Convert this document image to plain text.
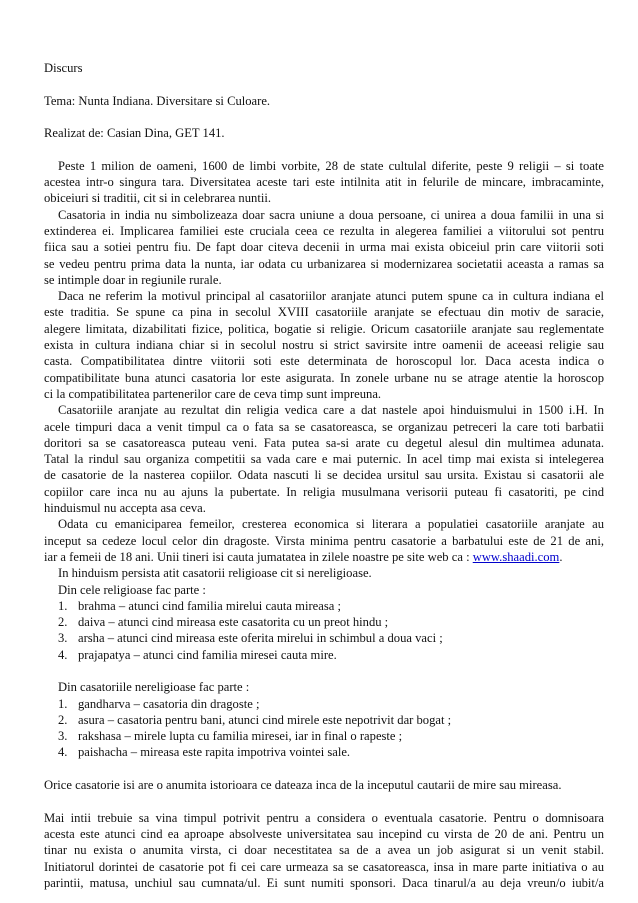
Discurs
Tema: Nunta Indiana. Diversitare si Culoare.
Realizat de: Casian Dina, GET 141.
Peste 1 milion de oameni, 1600 de limbi vorbite, 28 de state cultulal diferite, peste 9 religii – si toate
acestea intr-o singura tara. Diversitatea aceste tari este intilnita atit in felurile de mincare, imbracaminte,
obiceiuri si traditii, cit si in celebrarea nuntii.
Casatoria in india nu simbolizeaza doar sacra uniune a doua persoane, ci unirea a doua familii in una si
extinderea ei. Implicarea familiei este cruciala ceea ce rezulta in alegerea familiei a viitorului sot pentru
fiica sau a sotiei pentru fiu. De fapt doar citeva decenii in urma mai exista obiceiul prin care viitorii soti
se vedeu pentru prima data la nunta, iar odata cu urbanizarea si modernizarea societatii aceasta a ramas sa
se intimple doar in regiunile rurale.
Daca ne referim la motivul principal al casatoriilor aranjate atunci putem spune ca in cultura indiana el
este traditia. Se spune ca pina in secolul XVIII casatoriile aranjate se efectuau din motiv de saracie,
alegere limitata, dizabilitati fizice, politica, bogatie si religie. Oricum casatoriile aranjate sau reglementate
exista in cultura indiana chiar si in secolul nostru si strict savirsite intre oamenii de aceeasi religie sau
casta. Compatibilitatea dintre viitorii soti este determinata de horoscopul lor. Daca acesta indica o
compatibilitate buna atunci casatoria lor este asigurata. In zonele urbane nu se atrage atentie la horoscop
ci la compatibilitatea partenerilor care de ceva timp sunt impreuna.
Casatoriile aranjate au rezultat din religia vedica care a dat nastele apoi hinduismului in 1500 i.H. In
acele timpuri daca a venit timpul ca o fata sa se casatoreasca, se organizau petreceri la care toti barbatii
doritori sa se casatoreasca puteau veni. Fata putea sa-si arate cu degetul alesul din multimea adunata.
Tatal la rindul sau organiza competitii sa vada care e mai puternic. In acel timp mai exista si intelegerea
de casatorie de la nasterea copiilor. Odata nascuti li se decidea ursitul sau ursita. Existau si casatorii ale
copiilor care inca nu au ajuns la pubertate. In religia musulmana verisorii puteau fi casatoriti, pe cind
hinduismul nu accepta asa ceva.
Odata cu emaniciparea femeilor, cresterea economica si literara a populatiei casatoriile aranjate au
inceput sa cedeze locul celor din dragoste. Virsta minima pentru casatorie a barbatului este de 21 de ani,
iar a femeii de 18 ani. Unii tineri isi cauta jumatatea in zilele noastre pe site web ca : www.shaadi.com.
In hinduism persista atit casatorii religioase cit si nereligioase.
Din cele religioase fac parte :
1. brahma – atunci cind familia mirelui cauta mireasa ;
2. daiva – atunci cind mireasa este casatorita cu un preot hindu ;
3. arsha – atunci cind mireasa este oferita mirelui in schimbul a doua vaci ;
4. prajapatya – atunci cind familia miresei cauta mire.
Din casatoriile nereligioase fac parte :
1. gandharva – casatoria din dragoste ;
2. asura – casatoria pentru bani, atunci cind mirele este nepotrivit dar bogat ;
3. rakshasa – mirele lupta cu familia miresei, iar in final o rapeste ;
4. paishacha – mireasa este rapita impotriva vointei sale.
Orice casatorie isi are o anumita istorioara ce dateaza inca de la inceputul cautarii de mire sau mireasa.
Mai intii trebuie sa vina timpul potrivit pentru a considera o eventuala casatorie. Pentru o domnisoara
acesta este atunci cind ea aproape absolveste universitatea sau incepind cu virsta de 20 de ani. Pentru un
tinar nu exista o anumita virsta, ci doar necestitatea sa de a avea un job asigurat si un venit stabil.
Initiatorul dorintei de casatorie pot fi cei care urmeaza sa se casatoreasca, insa in mare parte initiativa o au
parintii, matusa, unchiul sau cumnata/ul. Ei sunt numiti sponsori. Daca tinarul/a au deja vreun/o iubit/a
